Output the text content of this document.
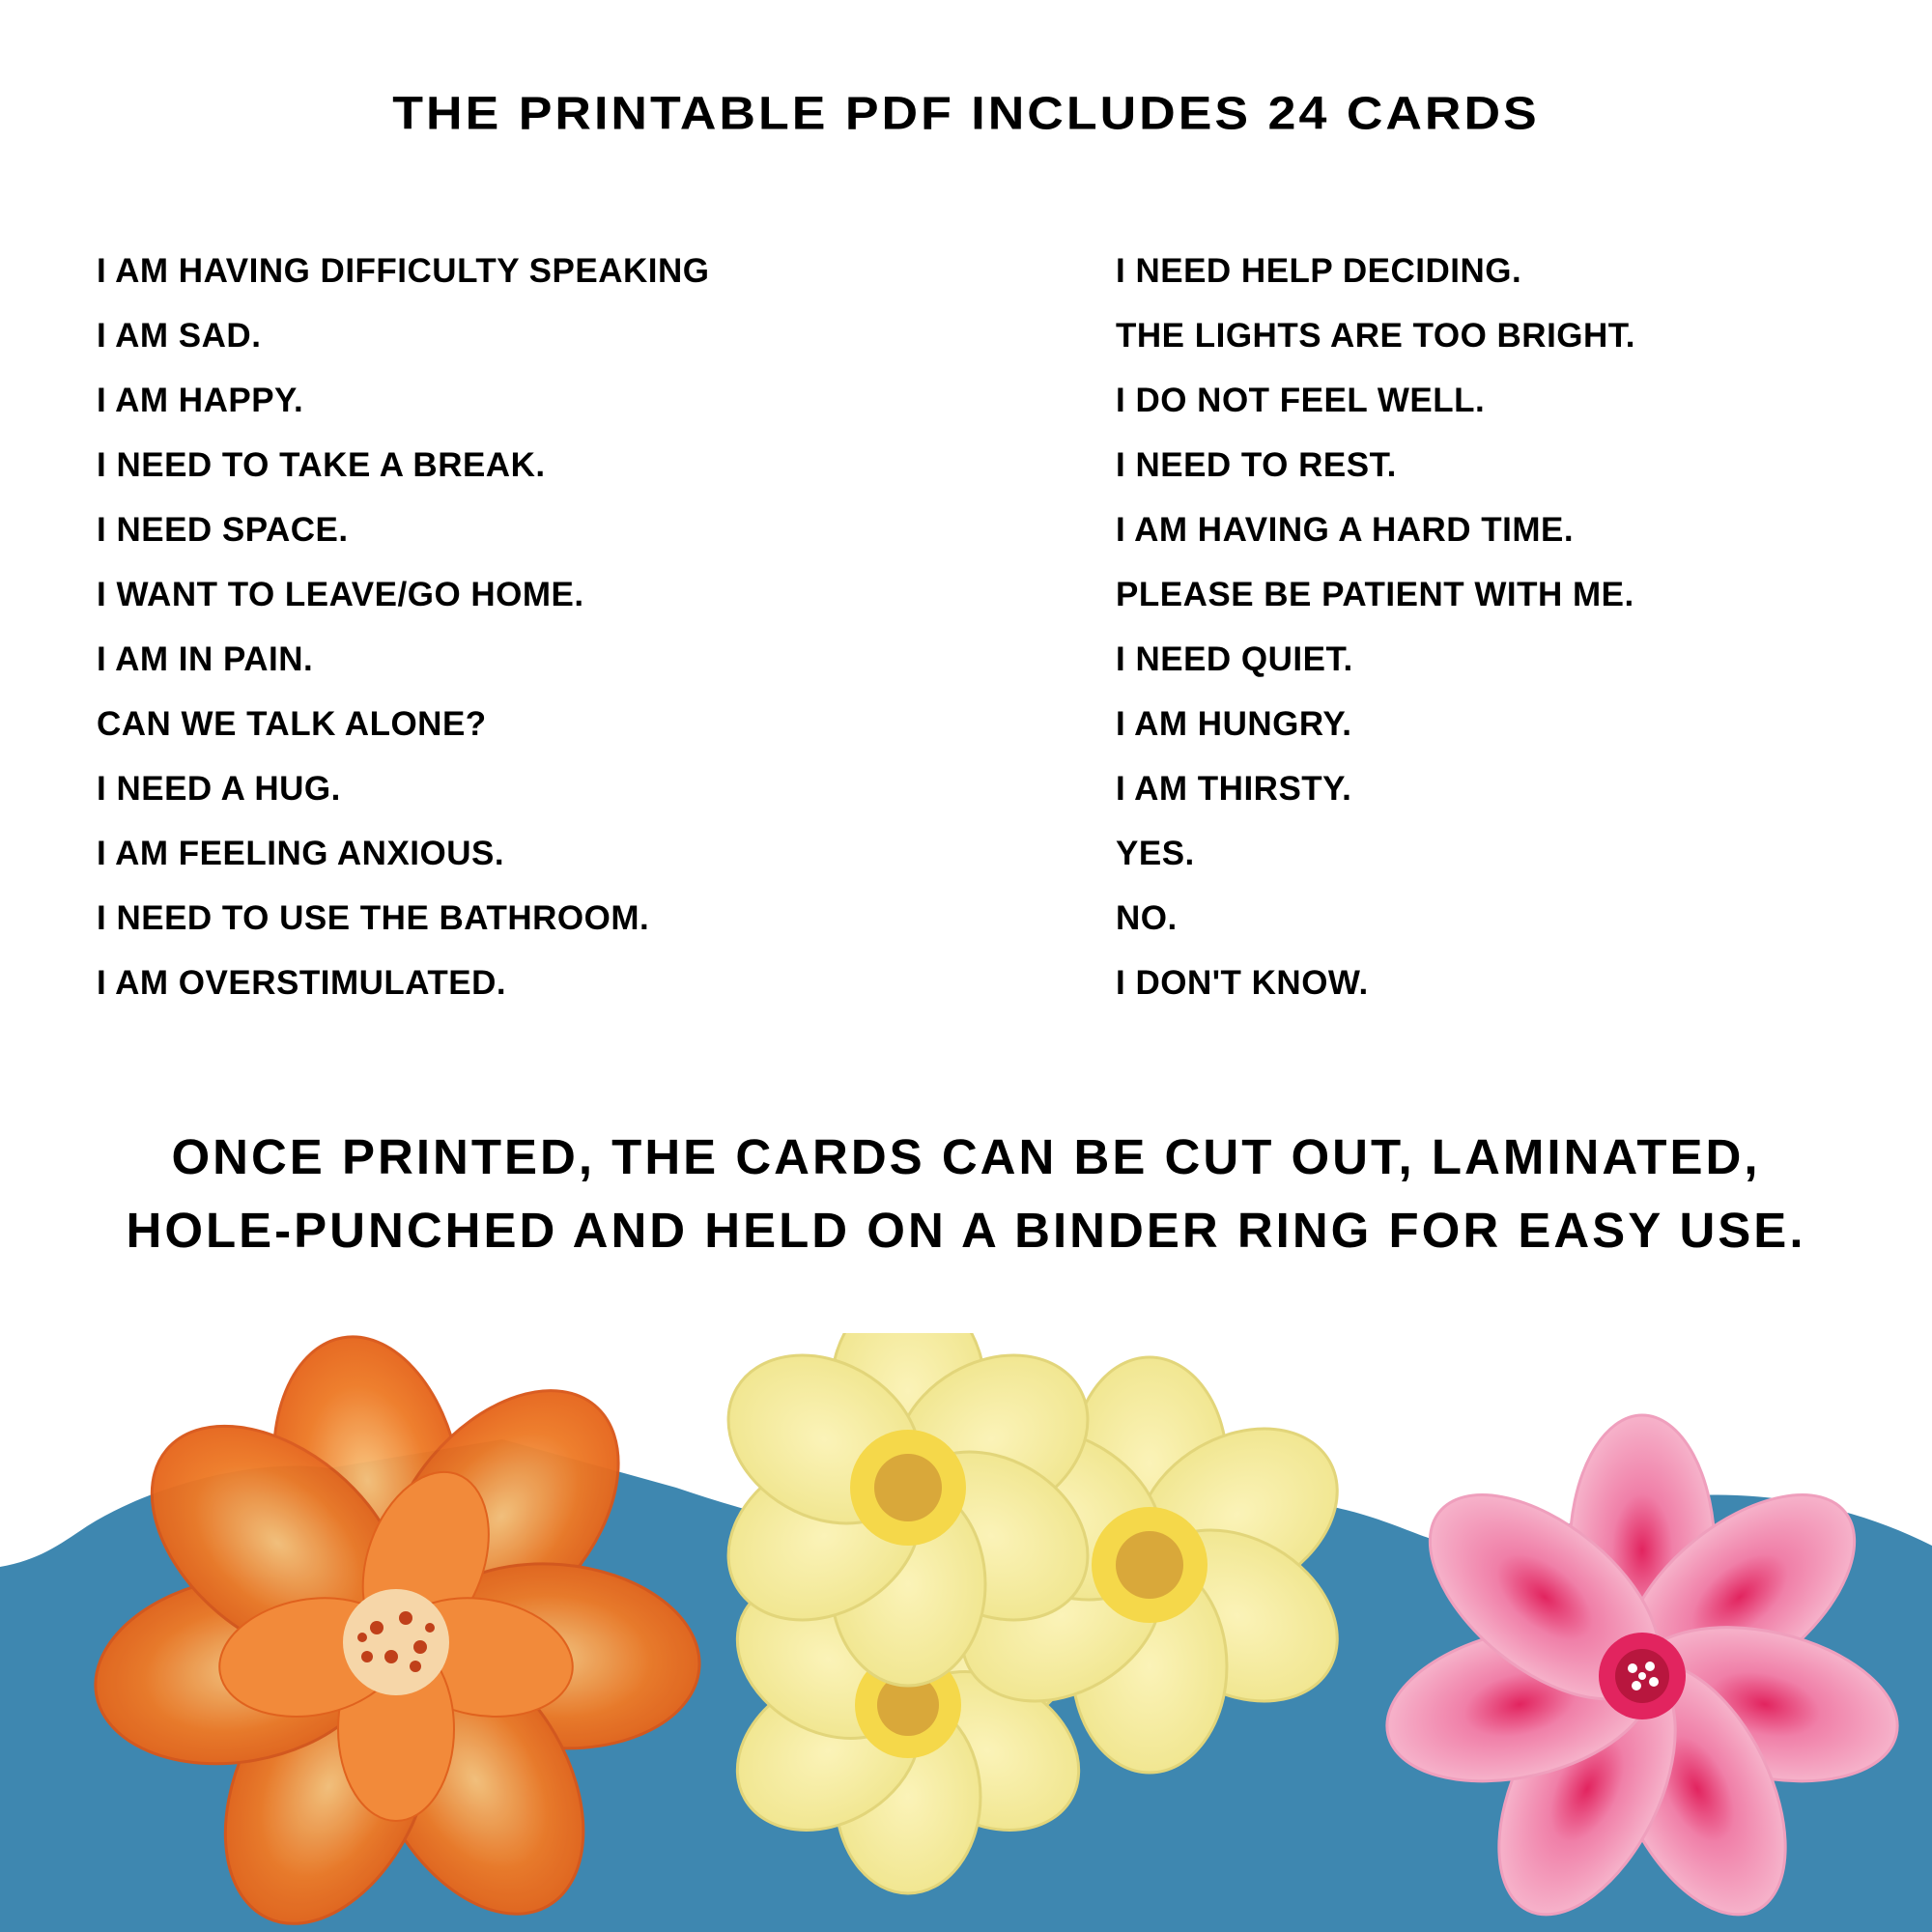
THE PRINTABLE PDF INCLUDES 24 CARDS
I AM HAVING DIFFICULTY SPEAKING
I AM SAD.
I AM HAPPY.
I NEED TO TAKE A BREAK.
I NEED SPACE.
I WANT TO LEAVE/GO HOME.
I AM IN PAIN.
CAN WE TALK ALONE?
I NEED A HUG.
I AM FEELING ANXIOUS.
I NEED TO USE THE BATHROOM.
I AM OVERSTIMULATED.
I NEED HELP DECIDING.
THE LIGHTS ARE TOO BRIGHT.
I DO NOT FEEL WELL.
I NEED TO REST.
I AM HAVING A HARD TIME.
PLEASE BE PATIENT WITH ME.
I NEED QUIET.
I AM HUNGRY.
I AM THIRSTY.
YES.
NO.
I DON'T KNOW.

ONCE PRINTED, THE CARDS CAN BE CUT OUT, LAMINATED, HOLE-PUNCHED AND HELD ON A BINDER RING FOR EASY USE.
